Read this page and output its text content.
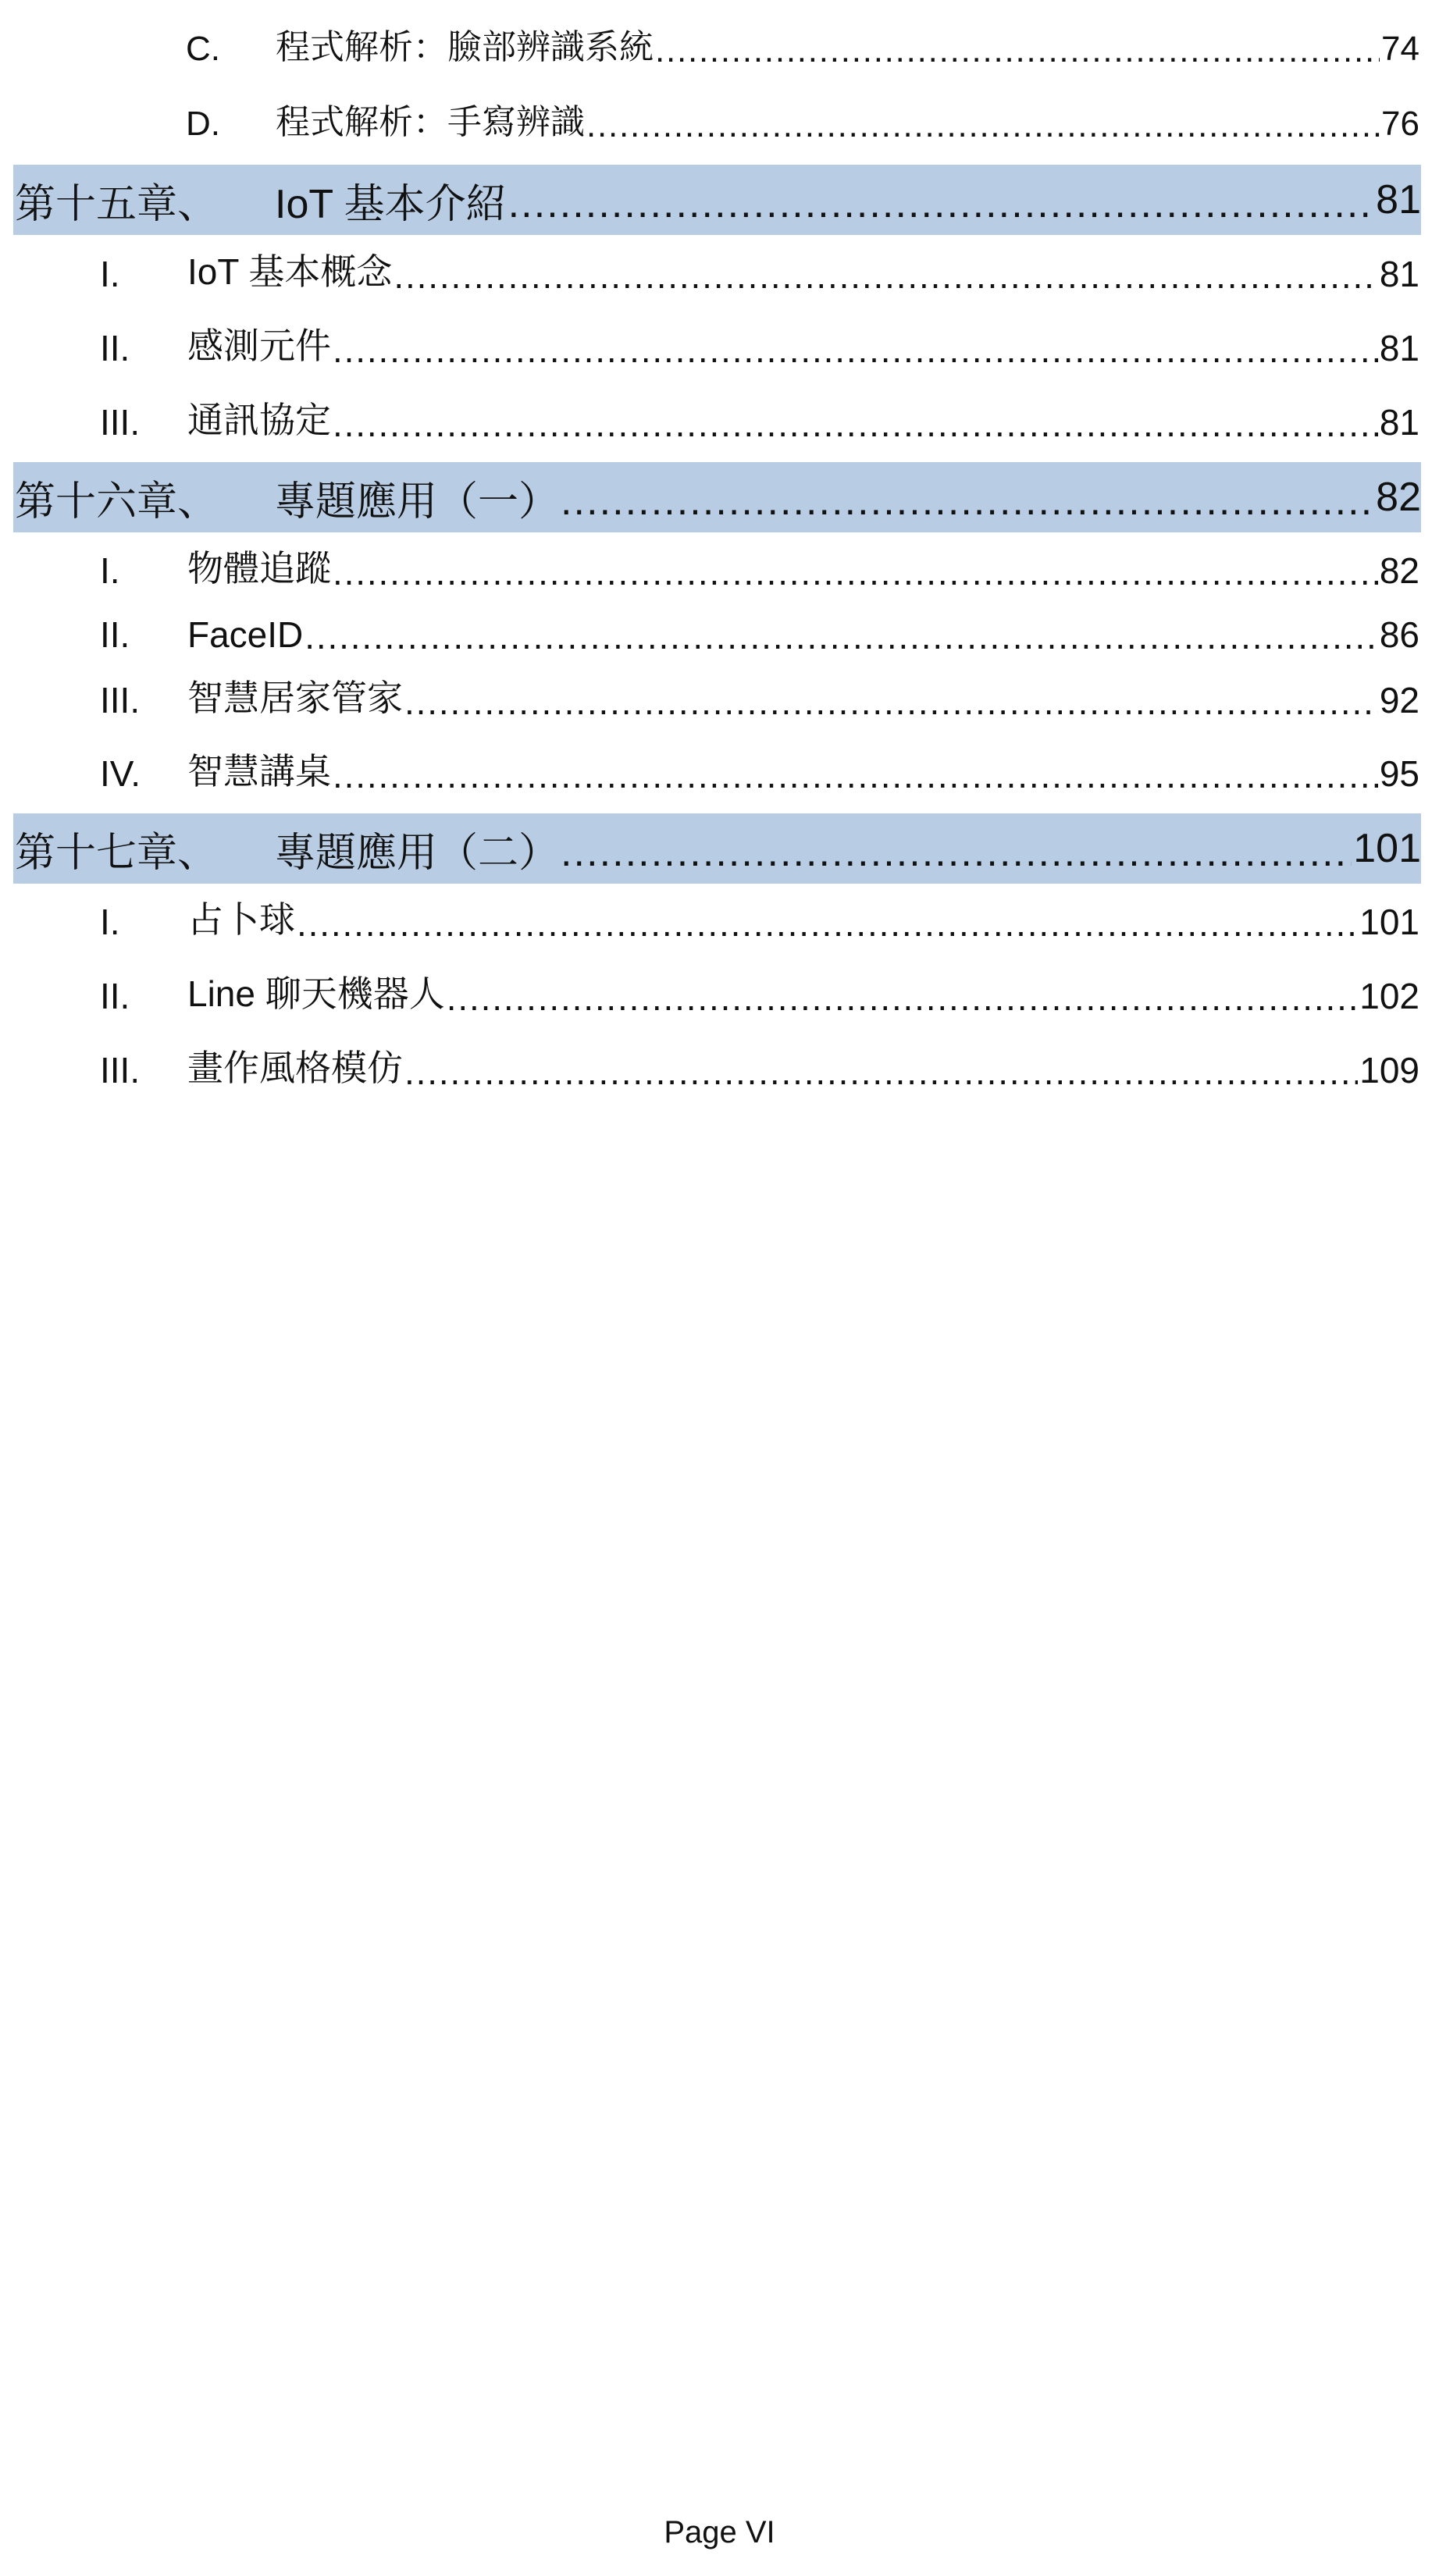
C.	程式解析：臉部辨識系統 .....	74
D.	程式解析：手寫辨識 .....	76
第十五章、	IoT 基本介紹 .....	81
I.	IoT 基本概念 .....	81
II.	感測元件 .....	81
III.	通訊協定 .....	81
第十六章、	專題應用（一） .....	82
I.	物體追蹤 .....	82
II.	FaceID .....	86
III.	智慧居家管家 .....	92
IV.	智慧講桌 .....	95
第十七章、	專題應用（二） .....	101
I.	占卜球 .....	101
II.	Line 聊天機器人 .....	102
III.	畫作風格模仿 .....	109
Page VI
